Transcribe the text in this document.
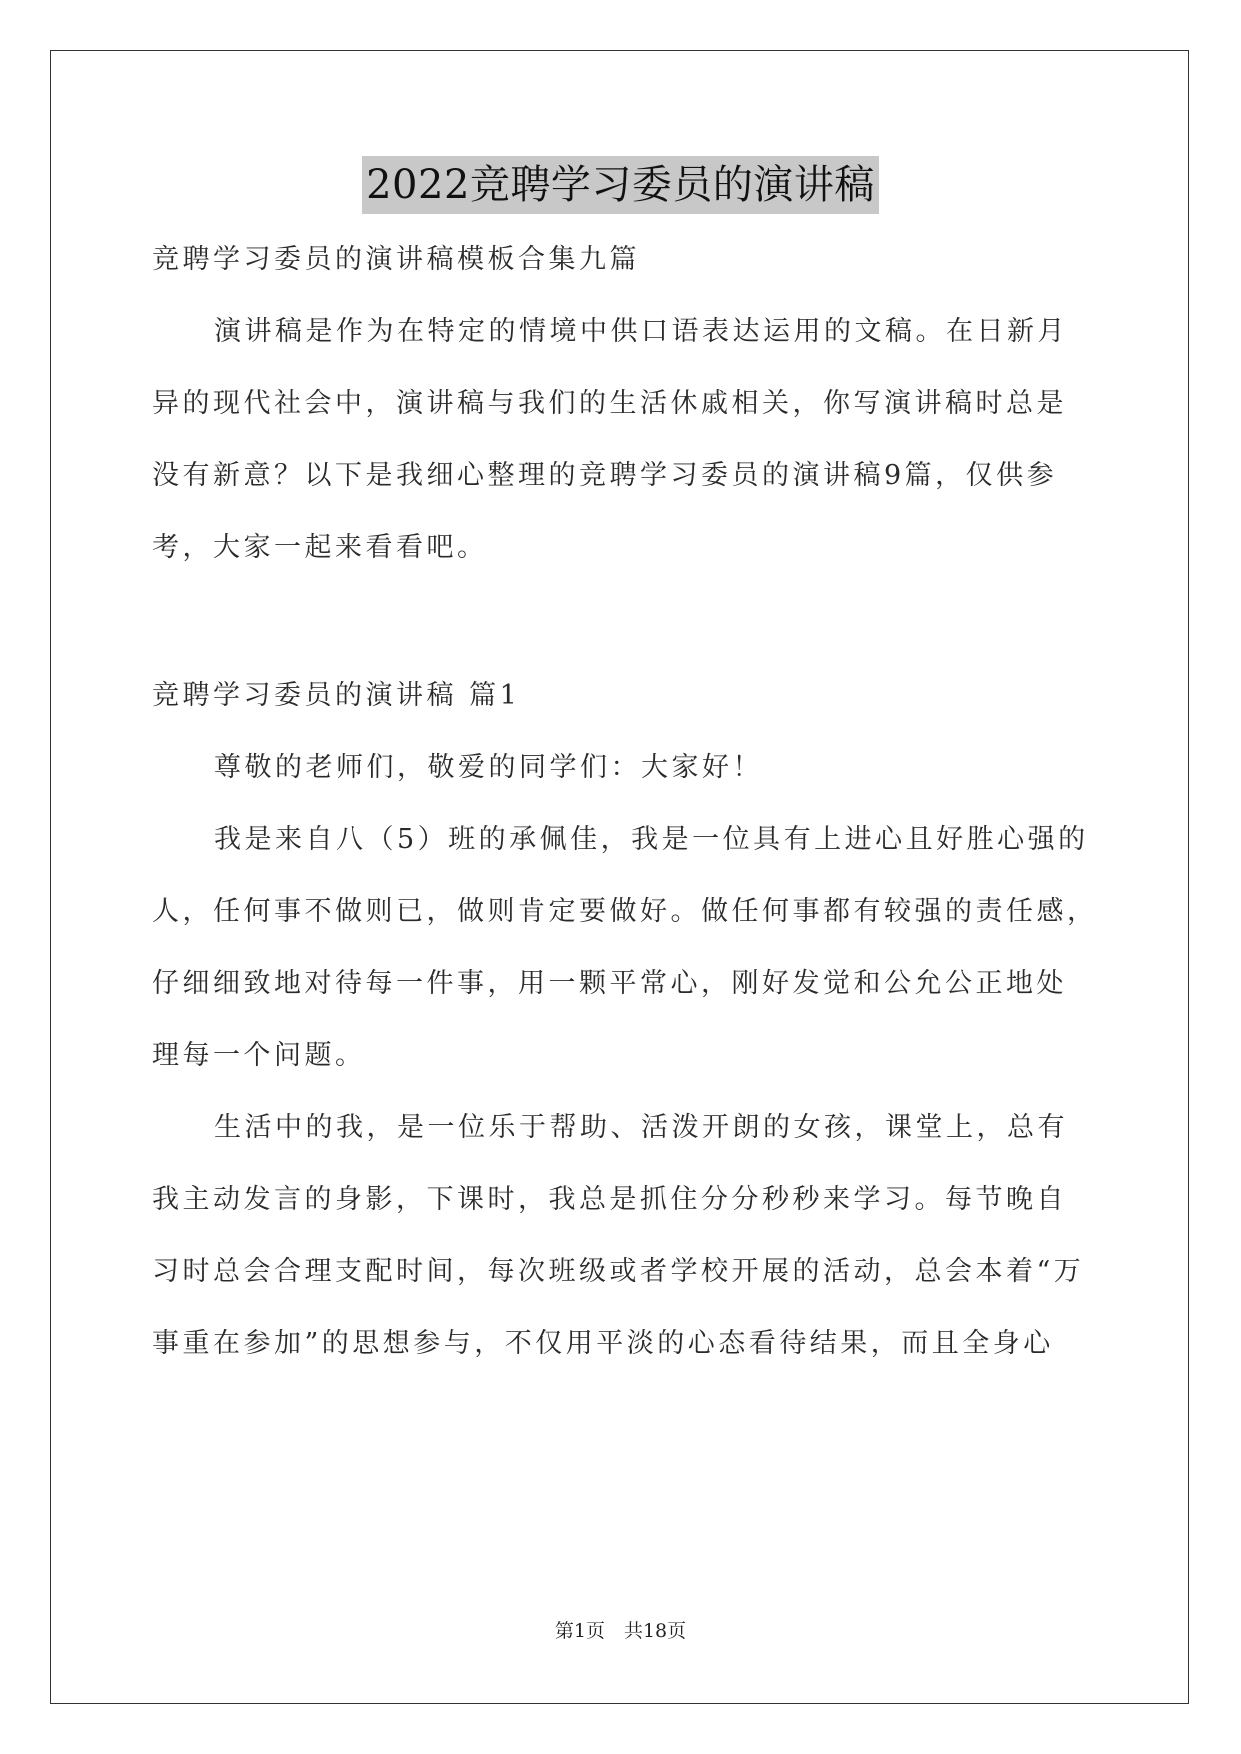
2022竞聘学习委员的演讲稿
竞聘学习委员的演讲稿模板合集九篇
演讲稿是作为在特定的情境中供口语表达运用的文稿。在日新月
异的现代社会中，演讲稿与我们的生活休戚相关，你写演讲稿时总是
没有新意？以下是我细心整理的竞聘学习委员的演讲稿9篇，仅供参
考，大家一起来看看吧。
竞聘学习委员的演讲稿 篇1
尊敬的老师们，敬爱的同学们：大家好！
我是来自八（5）班的承佩佳，我是一位具有上进心且好胜心强的
人，任何事不做则已，做则肯定要做好。做任何事都有较强的责任感，
仔细细致地对待每一件事，用一颗平常心，刚好发觉和公允公正地处
理每一个问题。
生活中的我，是一位乐于帮助、活泼开朗的女孩，课堂上，总有
我主动发言的身影，下课时，我总是抓住分分秒秒来学习。每节晚自
习时总会合理支配时间，每次班级或者学校开展的活动，总会本着“万
事重在参加”的思想参与，不仅用平淡的心态看待结果，而且全身心
第1页　共18页
